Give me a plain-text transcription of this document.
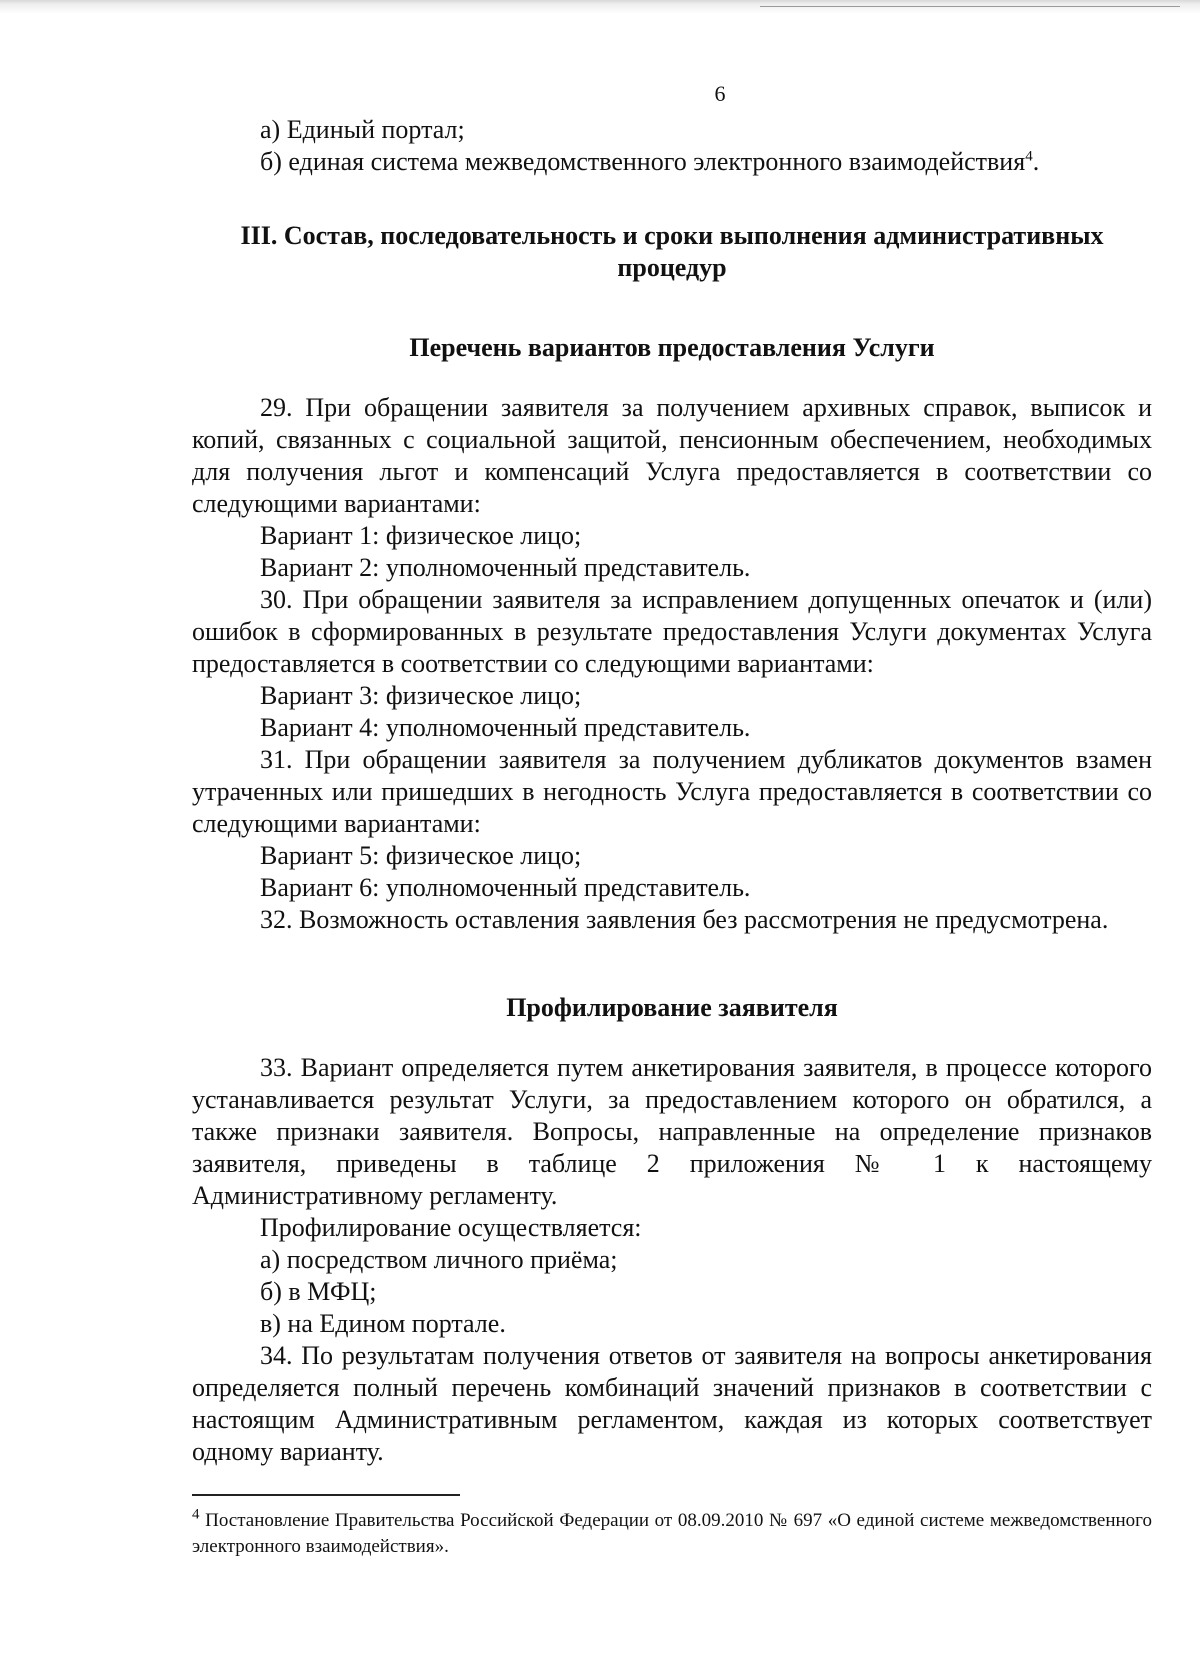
6

а) Единый портал;

б) единая система межведомственного электронного взаимодействия$^4$.

III. Состав, последовательность и сроки выполнения административных процедур
Перечень вариантов предоставления Услуги

29. При обращении заявителя за получением архивных справок, выписок и копий, связанных с социальной защитой, пенсионным обеспечением, необходимых для получения льгот и компенсаций Услуга предоставляется в соответствии со следующими вариантами:

Вариант 1: физическое лицо;

Вариант 2: уполномоченный представитель.

30. При обращении заявителя за исправлением допущенных опечаток и (или) ошибок в сформированных в результате предоставления Услуги документах Услуга предоставляется в соответствии со следующими вариантами:

Вариант 3: физическое лицо;

Вариант 4: уполномоченный представитель.

31. При обращении заявителя за получением дубликатов документов взамен утраченных или пришедших в негодность Услуга предоставляется в соответствии со следующими вариантами:

Вариант 5: физическое лицо;

Вариант 6: уполномоченный представитель.

32. Возможность оставления заявления без рассмотрения не предусмотрена.

Профилирование заявителя

33. Вариант определяется путем анкетирования заявителя, в процессе которого устанавливается результат Услуги, за предоставлением которого он обратился, а также признаки заявителя. Вопросы, направленные на определение признаков заявителя, приведены в таблице 2 приложения № 1 к настоящему Административному регламенту.

Профилирование осуществляется:

а) посредством личного приёма;

б) в МФЦ;

в) на Едином портале.

34. По результатам получения ответов от заявителя на вопросы анкетирования определяется полный перечень комбинаций значений признаков в соответствии с настоящим Административным регламентом, каждая из которых соответствует одному варианту.

$^4$ Постановление Правительства Российской Федерации от 08.09.2010 № 697 «О единой системе межведомственного электронного взаимодействия».
